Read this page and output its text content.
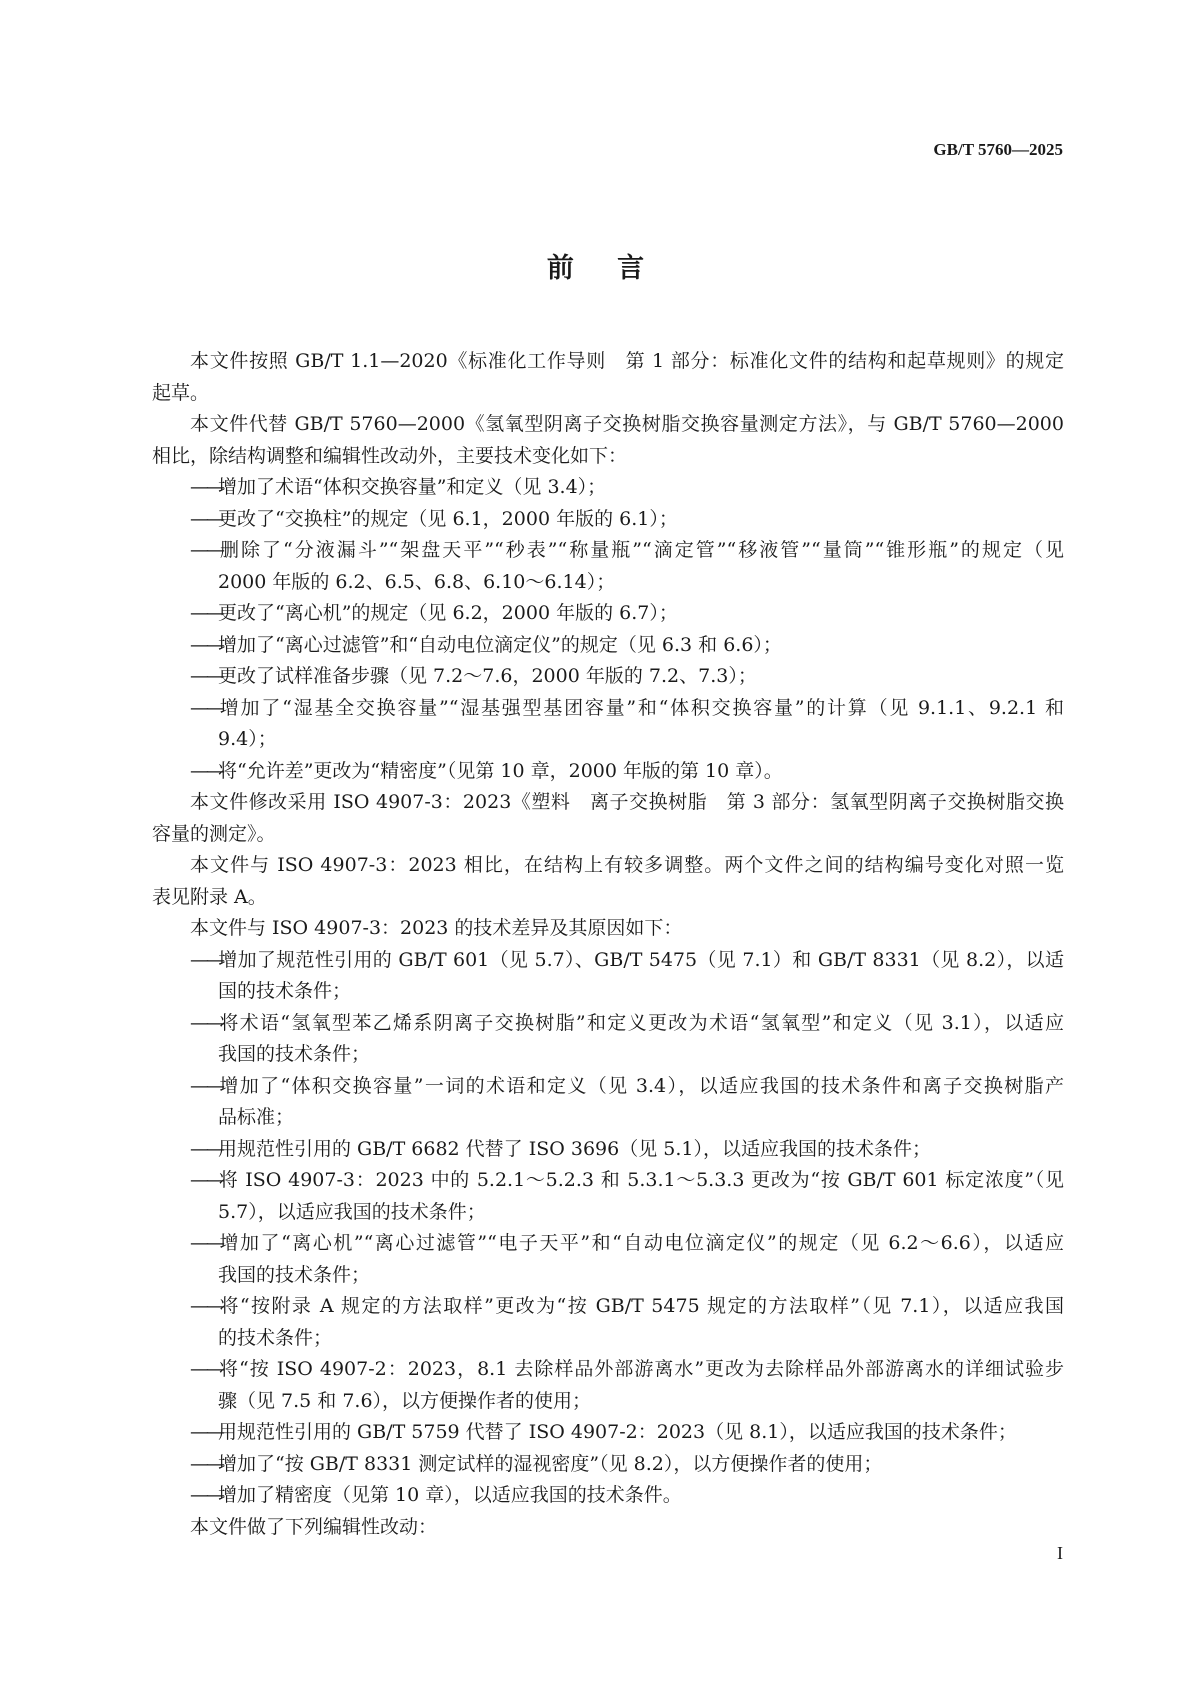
GB/T 5760—2025
前言
本文件按照 GB/T 1.1—2020《标准化工作导则　第 1 部分：标准化文件的结构和起草规则》的规定
起草。
本文件代替 GB/T 5760—2000《氢氧型阴离子交换树脂交换容量测定方法》，与 GB/T 5760—2000
相比，除结构调整和编辑性改动外，主要技术变化如下：
——增加了术语“体积交换容量”和定义（见 3.4）；
——更改了“交换柱”的规定（见 6.1，2000 年版的 6.1）；
——删除了“分液漏斗”“架盘天平”“秒表”“称量瓶”“滴定管”“移液管”“量筒”“锥形瓶”的规定（见
2000 年版的 6.2、6.5、6.8、6.10～6.14）；
——更改了“离心机”的规定（见 6.2，2000 年版的 6.7）；
——增加了“离心过滤管”和“自动电位滴定仪”的规定（见 6.3 和 6.6）；
——更改了试样准备步骤（见 7.2～7.6，2000 年版的 7.2、7.3）；
——增加了“湿基全交换容量”“湿基强型基团容量”和“体积交换容量”的计算（见 9.1.1、9.2.1 和
9.4）；
——将“允许差”更改为“精密度”（见第 10 章，2000 年版的第 10 章）。
本文件修改采用 ISO 4907-3：2023《塑料　离子交换树脂　第 3 部分：氢氧型阴离子交换树脂交换
容量的测定》。
本文件与 ISO 4907-3：2023 相比，在结构上有较多调整。两个文件之间的结构编号变化对照一览
表见附录 A。
本文件与 ISO 4907-3：2023 的技术差异及其原因如下：
——增加了规范性引用的 GB/T 601（见 5.7）、GB/T 5475（见 7.1）和 GB/T 8331（见 8.2），以适
国的技术条件；
——将术语“氢氧型苯乙烯系阴离子交换树脂”和定义更改为术语“氢氧型”和定义（见 3.1），以适应
我国的技术条件；
——增加了“体积交换容量”一词的术语和定义（见 3.4），以适应我国的技术条件和离子交换树脂产
品标准；
——用规范性引用的 GB/T 6682 代替了 ISO 3696（见 5.1），以适应我国的技术条件；
——将 ISO 4907-3：2023 中的 5.2.1～5.2.3 和 5.3.1～5.3.3 更改为“按 GB/T 601 标定浓度”（见
5.7），以适应我国的技术条件；
——增加了“离心机”“离心过滤管”“电子天平”和“自动电位滴定仪”的规定（见 6.2～6.6），以适应
我国的技术条件；
——将“按附录 A 规定的方法取样”更改为“按 GB/T 5475 规定的方法取样”（见 7.1），以适应我国
的技术条件；
——将“按 ISO 4907-2：2023，8.1 去除样品外部游离水”更改为去除样品外部游离水的详细试验步
骤（见 7.5 和 7.6），以方便操作者的使用；
——用规范性引用的 GB/T 5759 代替了 ISO 4907-2：2023（见 8.1），以适应我国的技术条件；
——增加了“按 GB/T 8331 测定试样的湿视密度”（见 8.2），以方便操作者的使用；
——增加了精密度（见第 10 章），以适应我国的技术条件。
本文件做了下列编辑性改动：
I
